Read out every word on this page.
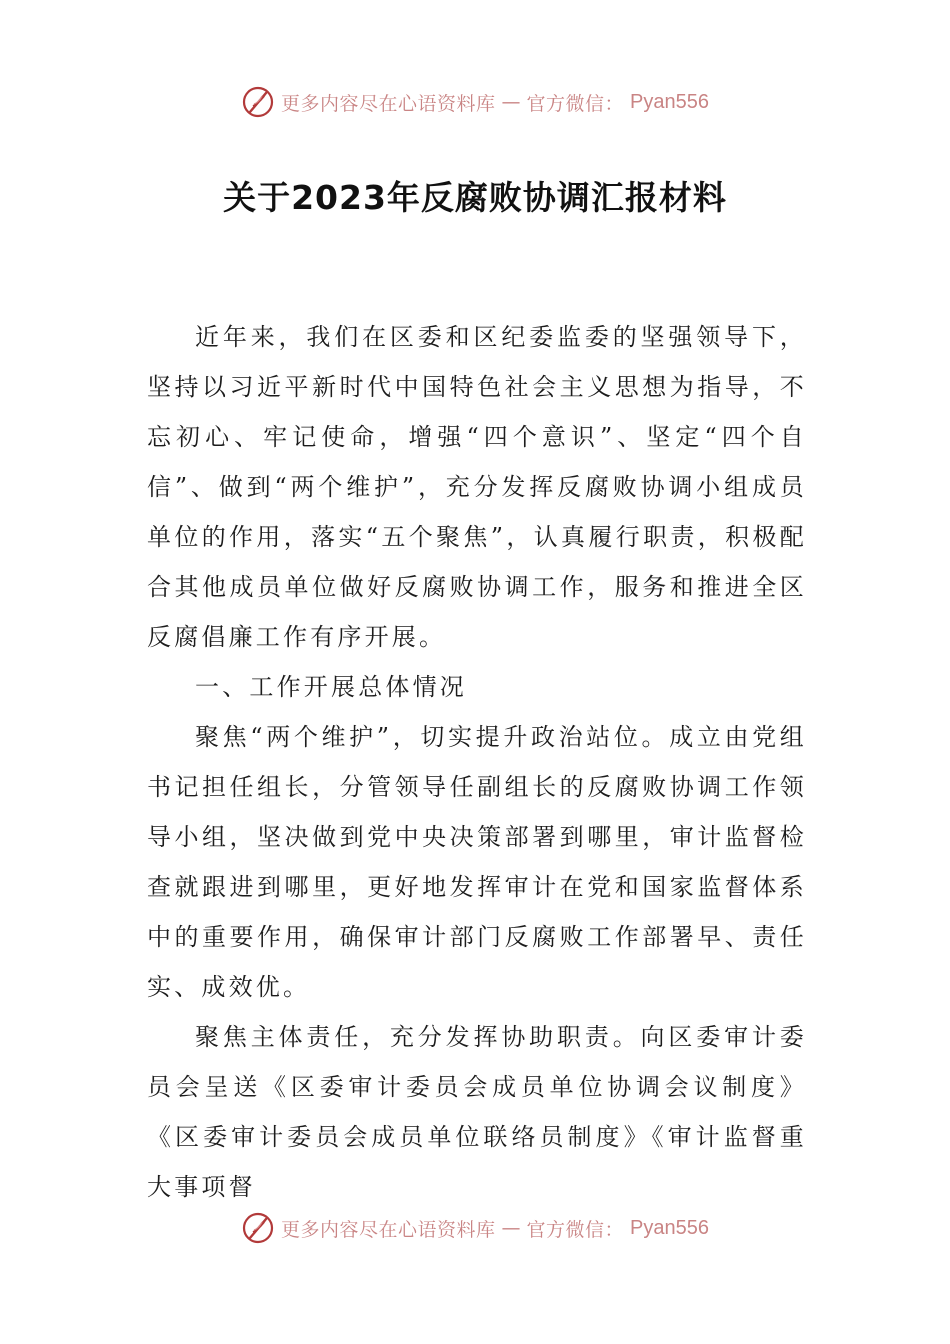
更多内容尽在心语资料库 — 官方微信： Pyan556
关于2023年反腐败协调汇报材料

近年来，我们在区委和区纪委监委的坚强领导下，坚持以习近平新时代中国特色社会主义思想为指导，不忘初心、牢记使命，增强“四个意识”、坚定“四个自信”、做到“两个维护”，充分发挥反腐败协调小组成员单位的作用，落实“五个聚焦”，认真履行职责，积极配合其他成员单位做好反腐败协调工作，服务和推进全区反腐倡廉工作有序开展。

一、工作开展总体情况

聚焦“两个维护”，切实提升政治站位。成立由党组书记担任组长，分管领导任副组长的反腐败协调工作领导小组，坚决做到党中央决策部署到哪里，审计监督检查就跟进到哪里，更好地发挥审计在党和国家监督体系中的重要作用，确保审计部门反腐败工作部署早、责任实、成效优。

聚焦主体责任，充分发挥协助职责。向区委审计委员会呈送《区委审计委员会成员单位协调会议制度》《区委审计委员会成员单位联络员制度》《审计监督重大事项督

更多内容尽在心语资料库 — 官方微信： Pyan556
